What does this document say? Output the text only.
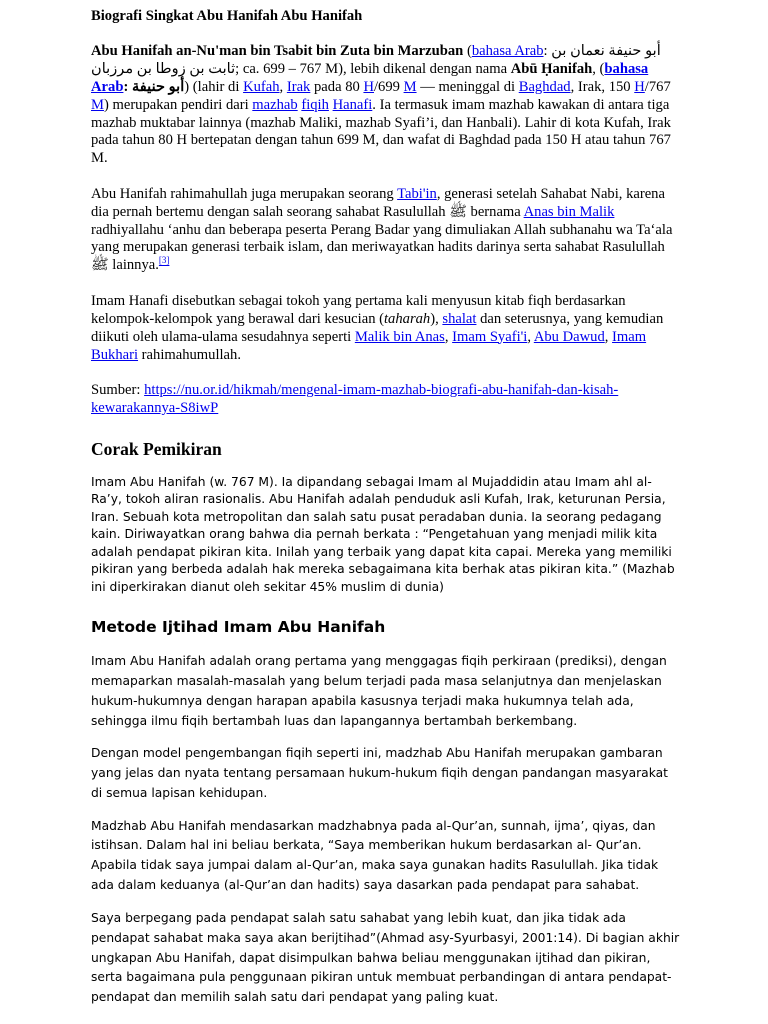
Biografi Singkat Abu Hanifah Abu Hanifah

Abu Hanifah an-Nu'man bin Tsabit bin Zuta bin Marzuban (bahasa Arab: أبو حنيفة نعمان بن ثابت بن زوطا بن مرزبان; ca. 699 – 767 M), lebih dikenal dengan nama Abū Ḥanifah, (bahasa Arab: أبو حنيفة) (lahir di Kufah, Irak pada 80 H/699 M — meninggal di Baghdad, Irak, 150 H/767 M) merupakan pendiri dari mazhab fiqih Hanafi. Ia termasuk imam mazhab kawakan di antara tiga mazhab muktabar lainnya (mazhab Maliki, mazhab Syafi’i, dan Hanbali). Lahir di kota Kufah, Irak pada tahun 80 H bertepatan dengan tahun 699 M, dan wafat di Baghdad pada 150 H atau tahun 767 M.

Abu Hanifah rahimahullah juga merupakan seorang Tabi'in, generasi setelah Sahabat Nabi, karena dia pernah bertemu dengan salah seorang sahabat Rasulullah ﷺ bernama Anas bin Malik radhiyallahu ‘anhu dan beberapa peserta Perang Badar yang dimuliakan Allah subhanahu wa Ta‘ala yang merupakan generasi terbaik islam, dan meriwayatkan hadits darinya serta sahabat Rasulullah ﷺ lainnya.[3]

Imam Hanafi disebutkan sebagai tokoh yang pertama kali menyusun kitab fiqh berdasarkan kelompok-kelompok yang berawal dari kesucian (taharah), shalat dan seterusnya, yang kemudian diikuti oleh ulama-ulama sesudahnya seperti Malik bin Anas, Imam Syafi'i, Abu Dawud, Imam Bukhari rahimahumullah.

Sumber: https://nu.or.id/hikmah/mengenal-imam-mazhab-biografi-abu-hanifah-dan-kisah-kewarakannya-S8iwP

Corak Pemikiran

Imam Abu Hanifah (w. 767 M). Ia dipandang sebagai Imam al Mujaddidin atau Imam ahl al-Ra’y, tokoh aliran rasionalis. Abu Hanifah adalah penduduk asli Kufah, Irak, keturunan Persia, Iran. Sebuah kota metropolitan dan salah satu pusat peradaban dunia. Ia seorang pedagang kain. Diriwayatkan orang bahwa dia pernah berkata : “Pengetahuan yang menjadi milik kita adalah pendapat pikiran kita. Inilah yang terbaik yang dapat kita capai. Mereka yang memiliki pikiran yang berbeda adalah hak mereka sebagaimana kita berhak atas pikiran kita.” (Mazhab ini diperkirakan dianut oleh sekitar 45% muslim di dunia)

Metode Ijtihad Imam Abu Hanifah

Imam Abu Hanifah adalah orang pertama yang menggagas fiqih perkiraan (prediksi), dengan memaparkan masalah-masalah yang belum terjadi pada masa selanjutnya dan menjelaskan hukum-hukumnya dengan harapan apabila kasusnya terjadi maka hukumnya telah ada, sehingga ilmu fiqih bertambah luas dan lapangannya bertambah berkembang.

Dengan model pengembangan fiqih seperti ini, madzhab Abu Hanifah merupakan gambaran yang jelas dan nyata tentang persamaan hukum-hukum fiqih dengan pandangan masyarakat di semua lapisan kehidupan.

Madzhab Abu Hanifah mendasarkan madzhabnya pada al-Qur’an, sunnah, ijma’, qiyas, dan istihsan. Dalam hal ini beliau berkata, “Saya memberikan hukum berdasarkan al- Qur’an. Apabila tidak saya jumpai dalam al-Qur’an, maka saya gunakan hadits Rasulullah. Jika tidak ada dalam keduanya (al-Qur’an dan hadits) saya dasarkan pada pendapat para sahabat.

Saya berpegang pada pendapat salah satu sahabat yang lebih kuat, dan jika tidak ada pendapat sahabat maka saya akan berijtihad”(Ahmad asy-Syurbasyi, 2001:14). Di bagian akhir ungkapan Abu Hanifah, dapat disimpulkan bahwa beliau menggunakan ijtihad dan pikiran, serta bagaimana pula penggunaan pikiran untuk membuat perbandingan di antara pendapat-pendapat dan memilih salah satu dari pendapat yang paling kuat.
